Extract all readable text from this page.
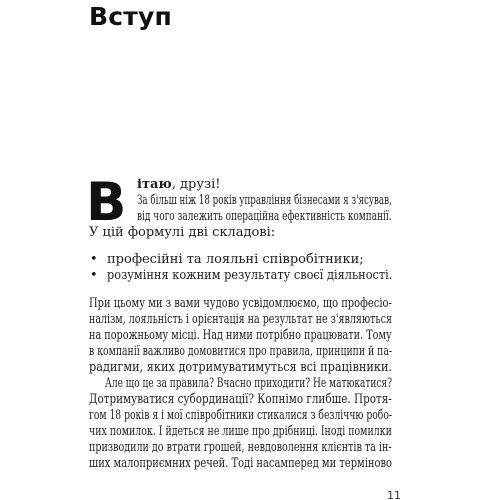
Вступ
В ітаю, друзі!
За більш ніж 18 років управління бізнесами я з'ясував,
від чого залежить операційна ефективність компанії.
У цій формулі дві складові:
• професійні та лояльні співробітники;
• розуміння кожним результату своєї діяльності.
При цьому ми з вами чудово усвідомлюємо, що професіо-
налізм, лояльність і орієнтація на результат не з'являються
на порожньому місці. Над ними потрібно працювати. Тому
в компанії важливо домовитися про правила, принципи й па-
радигми, яких дотримуватимуться всі працівники.
Але що це за правила? Вчасно приходити? Не матюкатися?
Дотримуватися субординації? Копнімо глибше. Протя-
гом 18 років я і мої співробітники стикалися з безліччю робо-
чих помилок. І йдеться не лише про дрібниці. Іноді помилки
призводили до втрати грошей, невдоволення клієнтів та ін-
ших малоприємних речей. Тоді насамперед ми терміново
11
